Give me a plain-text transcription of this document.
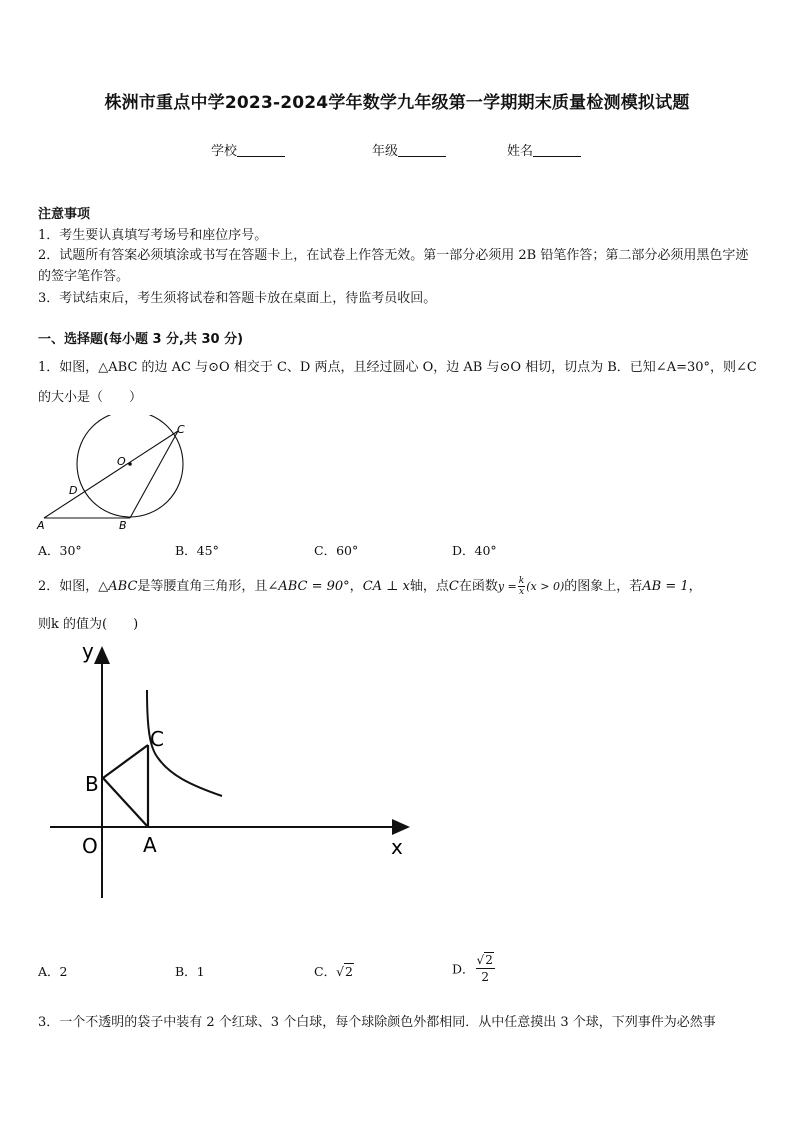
株洲市重点中学2023-2024学年数学九年级第一学期期末质量检测模拟试题
学校	年级	姓名
注意事项
1．考生要认真填写考场号和座位序号。
2．试题所有答案必须填涂或书写在答题卡上，在试卷上作答无效。第一部分必须用 2B 铅笔作答；第二部分必须用黑色字迹的签字笔作答。
3．考试结束后，考生须将试卷和答题卡放在桌面上，待监考员收回。
一、选择题(每小题 3 分,共 30 分)
1．如图，△ABC 的边 AC 与⊙O 相交于 C、D 两点，且经过圆心 O，边 AB 与⊙O 相切，切点为 B．已知∠A=30°，则∠C 的大小是（　　）
O
C
D
A	B
A．30°	B．45°	C．60°	D．40°
2．如图，△ABC是等腰直角三角形，且∠ABC = 90°，CA ⊥ x轴，点C在函数$y = \frac{k}{x} (x > 0)$的图象上，若AB = 1，
则k 的值为(　　)
y
x
O A
B
C
A．2	B．1	C．√2	D． $\frac{√2}{2}$
3．一个不透明的袋子中装有 2 个红球、3 个白球，每个球除颜色外都相同．从中任意摸出 3 个球，下列事件为必然事
